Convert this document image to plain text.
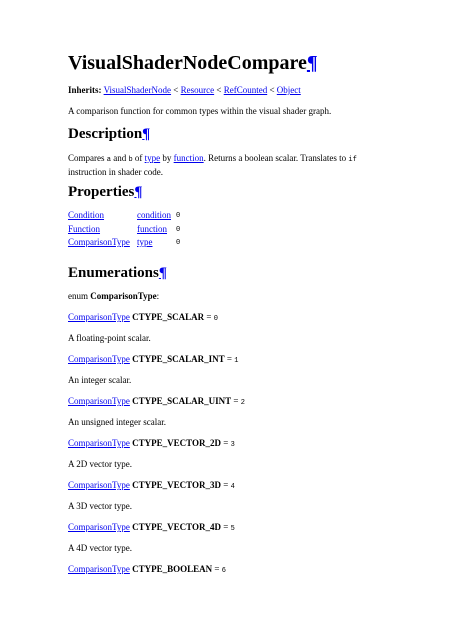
VisualShaderNodeCompare¶

Inherits: VisualShaderNode < Resource < RefCounted < Object

A comparison function for common types within the visual shader graph.

Description¶

Compares a and b of type by function. Returns a boolean scalar. Translates to if
instruction in shader code.

Properties¶
Condition	condition	0
Function	function	0
ComparisonType	type	0
Enumerations¶

enum ComparisonType:

ComparisonType CTYPE_SCALAR = 0

A floating-point scalar.

ComparisonType CTYPE_SCALAR_INT = 1

An integer scalar.

ComparisonType CTYPE_SCALAR_UINT = 2

An unsigned integer scalar.

ComparisonType CTYPE_VECTOR_2D = 3

A 2D vector type.

ComparisonType CTYPE_VECTOR_3D = 4

A 3D vector type.

ComparisonType CTYPE_VECTOR_4D = 5

A 4D vector type.

ComparisonType CTYPE_BOOLEAN = 6
